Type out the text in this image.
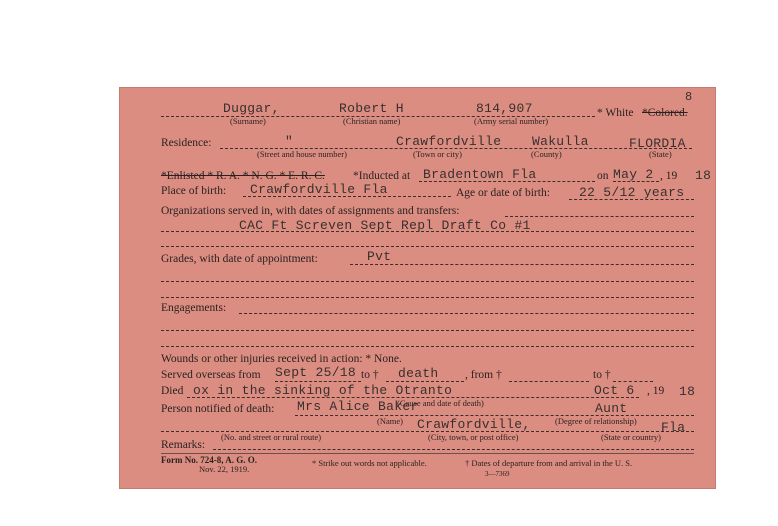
8
Duggar,	Robert H	814,907	* White *Colored.
(Surname)	(Christian name)	(Army serial number)
Residence:	"	Crawfordville Wakulla	FLORDIA
(Street and house number)	(Town or city)	(County)	(State)
*Enlisted * R. A. * N. G. * E. R. C. *Inducted at Bradentown Fla	on May 2 , 19 18
Place of birth: Crawfordville Fla	Age or date of birth: 22 5/12 years
Organizations served in, with dates of assignments and transfers:
CAC Ft Screven Sept Repl Draft Co #1
Grades, with date of appointment:	Pvt
Engagements:
Wounds or other injuries received in action: * None.
Served overseas from Sept 25/18 to † death , from †	to †
Died ox in the sinking of the Otranto
(Cause and date of death)
Oct 6 , 19 18
Person notified of death: Mrs Alice Baker	Aunt
(Name)	(Degree of relationship)
Crawfordville,	Fla
(No. and street or rural route)	(City, town, or post office)	(State or country)
Remarks:
Form No. 724-8, A. G. O.
Nov. 22, 1919.
* Strike out words not applicable.	† Dates of departure from and arrival in the U. S.
3—7369
